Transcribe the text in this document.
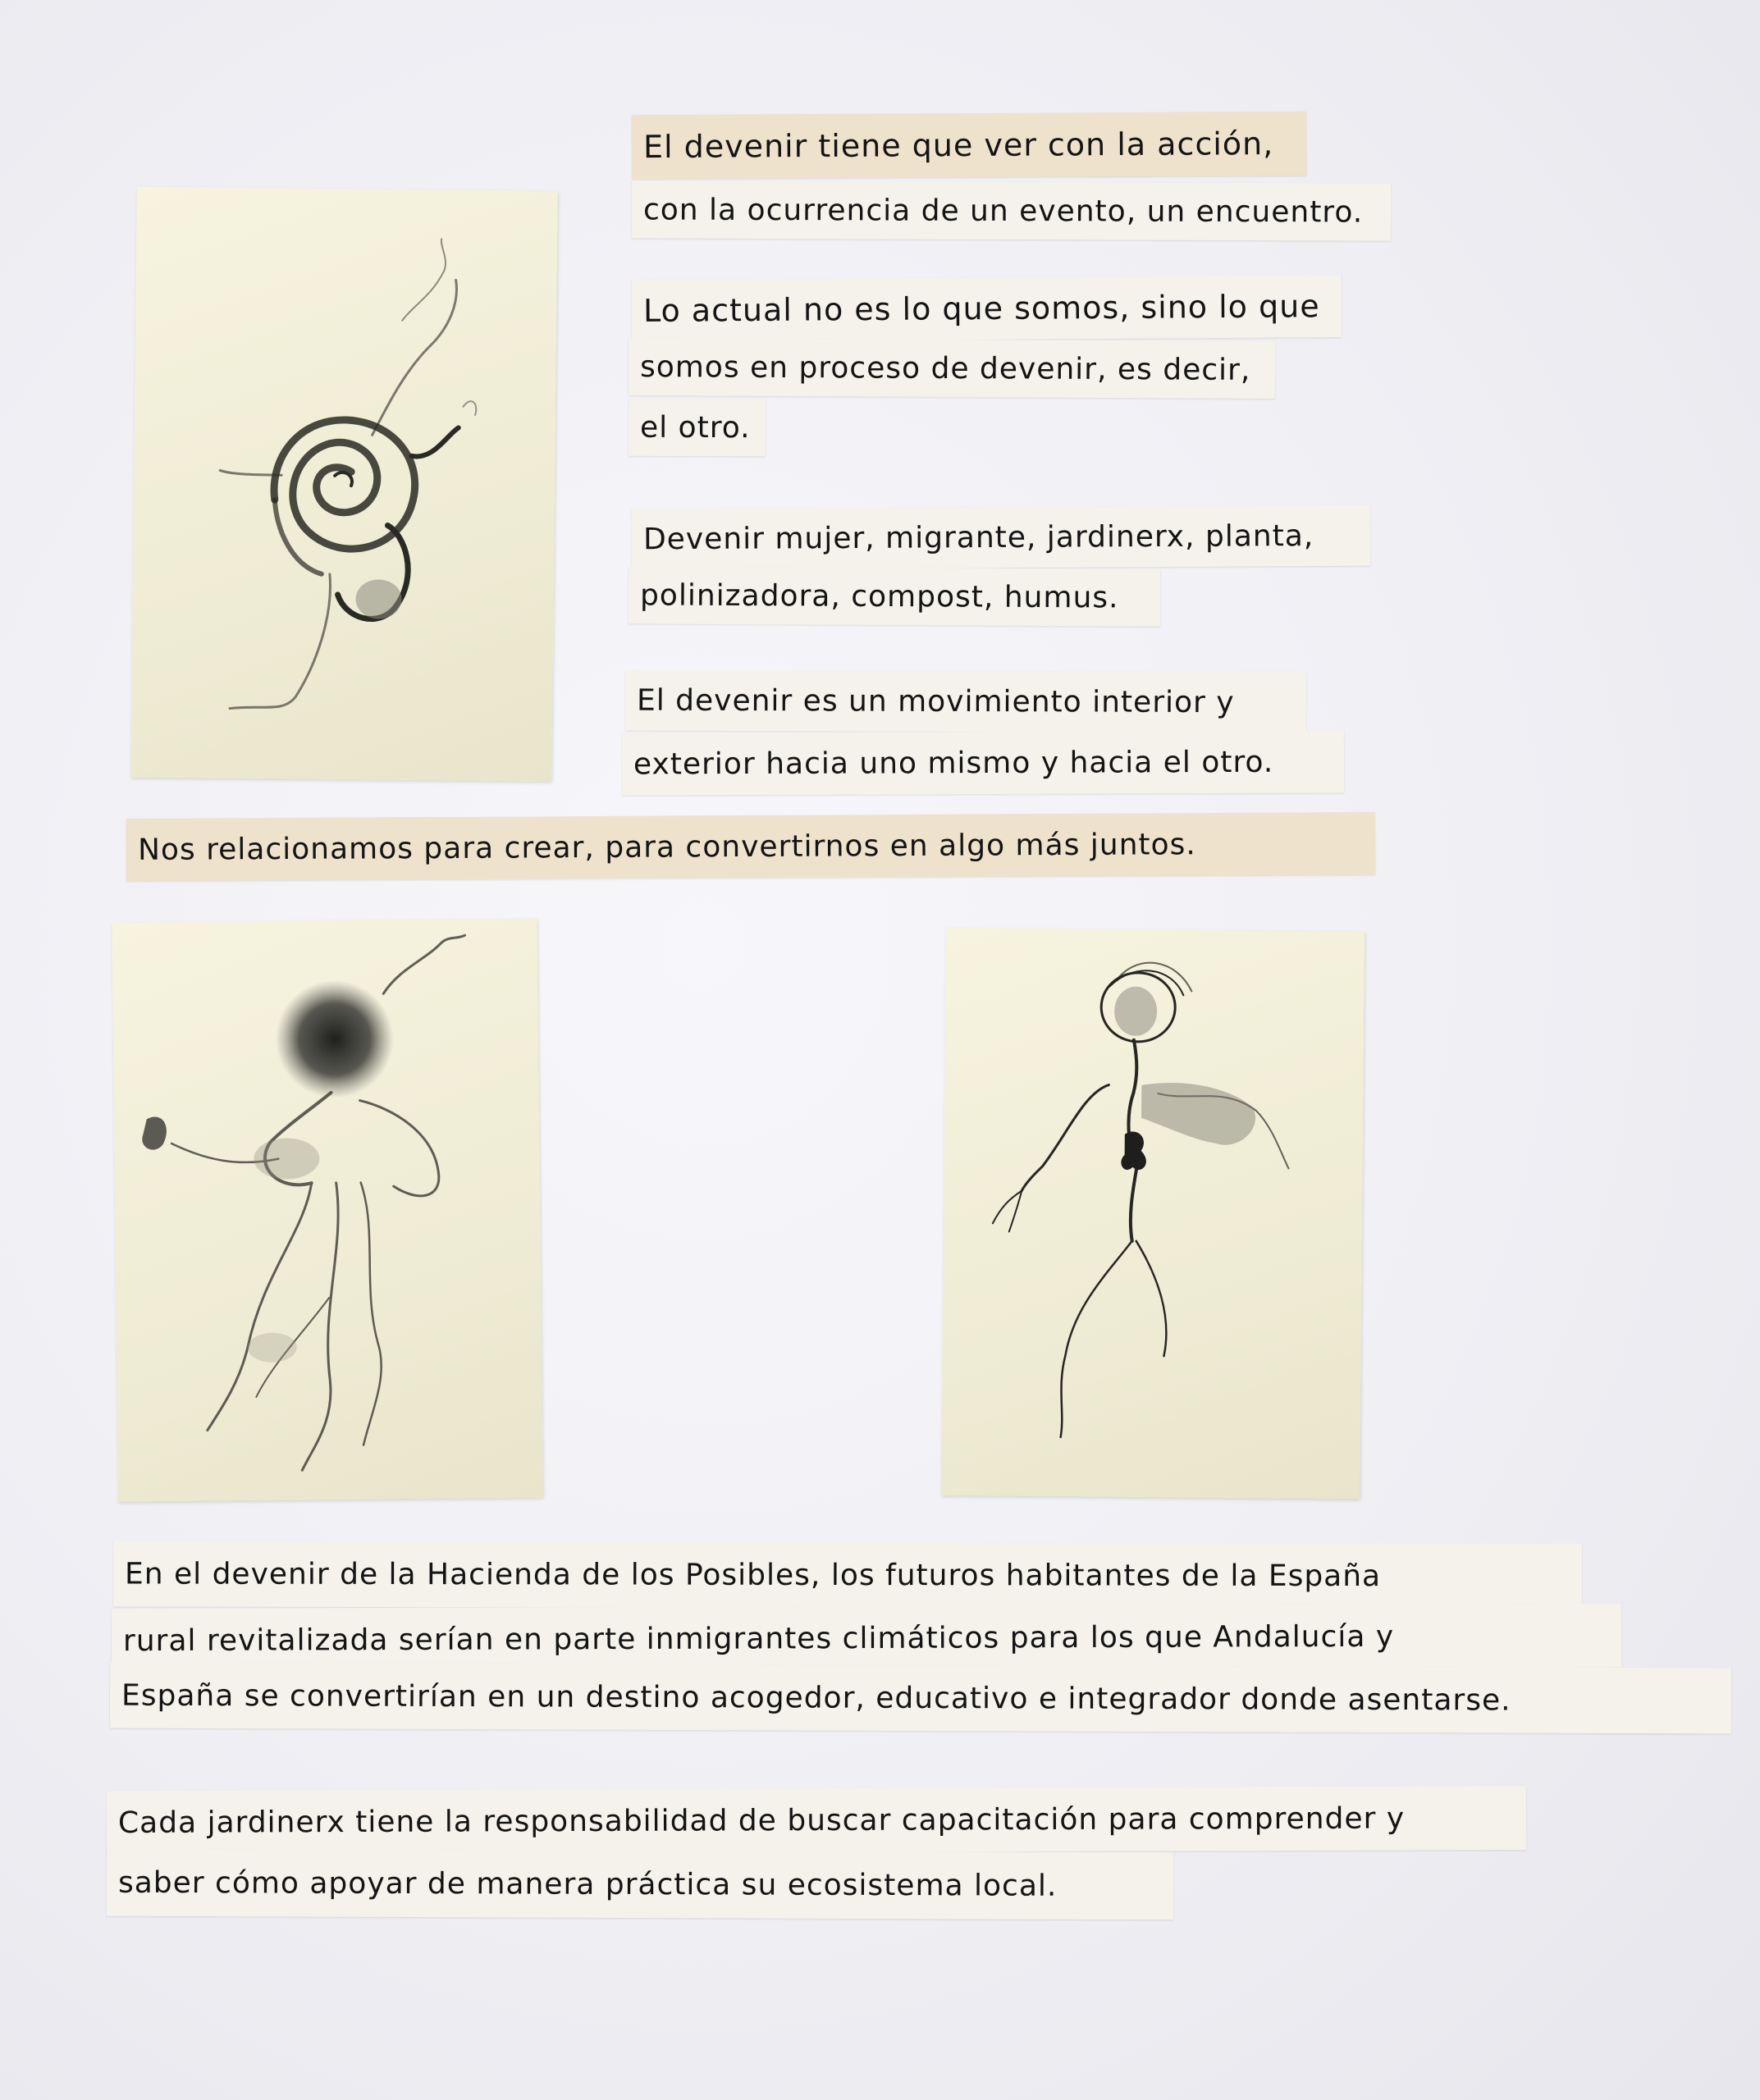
El devenir tiene que ver con la acción,
con la ocurrencia de un evento, un encuentro.
Lo actual no es lo que somos, sino lo que
somos en proceso de devenir, es decir,
el otro.
Devenir mujer, migrante, jardinerx, planta,
polinizadora, compost, humus.
El devenir es un movimiento interior y
exterior hacia uno mismo y hacia el otro.
Nos relacionamos para crear, para convertirnos en algo más juntos.
En el devenir de la Hacienda de los Posibles, los futuros habitantes de la España
rural revitalizada serían en parte inmigrantes climáticos para los que Andalucía y
España se convertirían en un destino acogedor, educativo e integrador donde asentarse.
Cada jardinerx tiene la responsabilidad de buscar capacitación para comprender y
saber cómo apoyar de manera práctica su ecosistema local.
